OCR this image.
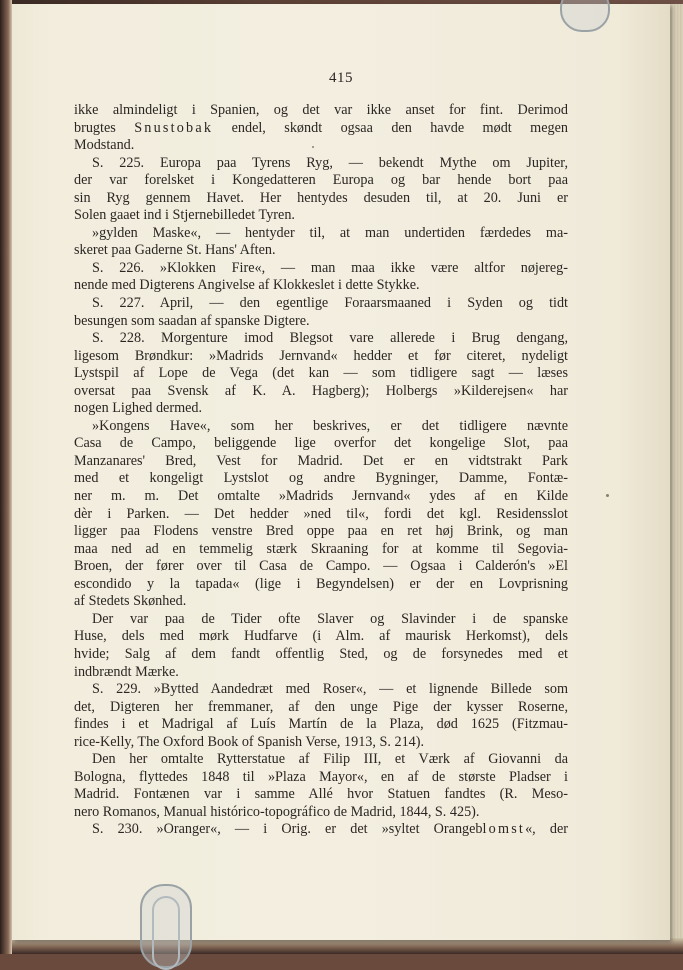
415
ikke almindeligt i Spanien, og det var ikke anset for fint. Derimod
brugtes Snustobak endel, skøndt ogsaa den havde mødt megen
Modstand.
S. 225. Europa paa Tyrens Ryg, — bekendt Mythe om Jupiter,
der var forelsket i Kongedatteren Europa og bar hende bort paa
sin Ryg gennem Havet. Her hentydes desuden til, at 20. Juni er
Solen gaaet ind i Stjernebilledet Tyren.
»gylden Maske«, — hentyder til, at man undertiden færdedes ma-
skeret paa Gaderne St. Hans' Aften.
S. 226. »Klokken Fire«, — man maa ikke være altfor nøjereg-
nende med Digterens Angivelse af Klokkeslet i dette Stykke.
S. 227. April, — den egentlige Foraarsmaaned i Syden og tidt
besungen som saadan af spanske Digtere.
S. 228. Morgenture imod Blegsot vare allerede i Brug dengang,
ligesom Brøndkur: »Madrids Jernvand« hedder et før citeret, nydeligt
Lystspil af Lope de Vega (det kan — som tidligere sagt — læses
oversat paa Svensk af K. A. Hagberg); Holbergs »Kilderejsen« har
nogen Lighed dermed.
»Kongens Have«, som her beskrives, er det tidligere nævnte
Casa de Campo, beliggende lige overfor det kongelige Slot, paa
Manzanares' Bred, Vest for Madrid. Det er en vidtstrakt Park
med et kongeligt Lystslot og andre Bygninger, Damme, Fontæ-
ner m. m. Det omtalte »Madrids Jernvand« ydes af en Kilde
dèr i Parken. — Det hedder »ned til«, fordi det kgl. Residensslot
ligger paa Flodens venstre Bred oppe paa en ret høj Brink, og man
maa ned ad en temmelig stærk Skraaning for at komme til Segovia-
Broen, der fører over til Casa de Campo. — Ogsaa i Calderón's »El
escondido y la tapada« (lige i Begyndelsen) er der en Lovprisning
af Stedets Skønhed.
Der var paa de Tider ofte Slaver og Slavinder i de spanske
Huse, dels med mørk Hudfarve (i Alm. af maurisk Herkomst), dels
hvide; Salg af dem fandt offentlig Sted, og de forsynedes med et
indbrændt Mærke.
S. 229. »Bytted Aandedræt med Roser«, — et lignende Billede som
det, Digteren her fremmaner, af den unge Pige der kysser Roserne,
findes i et Madrigal af Luís Martín de la Plaza, død 1625 (Fitzmau-
rice-Kelly, The Oxford Book of Spanish Verse, 1913, S. 214).
Den her omtalte Rytterstatue af Filip III, et Værk af Giovanni da
Bologna, flyttedes 1848 til »Plaza Mayor«, en af de største Pladser i
Madrid. Fontænen var i samme Allé hvor Statuen fandtes (R. Meso-
nero Romanos, Manual histórico-topográfico de Madrid, 1844, S. 425).
S. 230. »Oranger«, — i Orig. er det »syltet Orangeblomst«, der
